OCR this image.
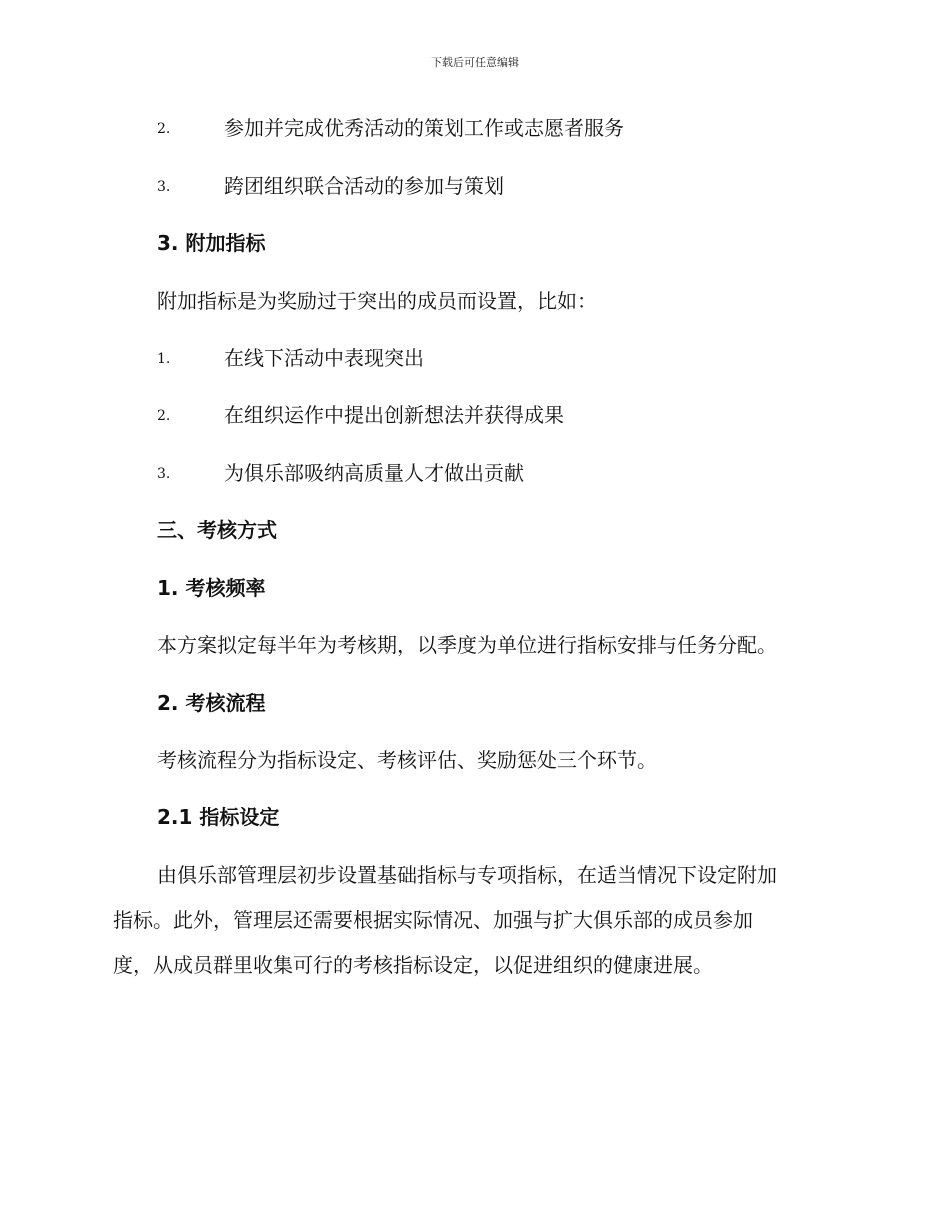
下载后可任意编辑
2.	参加并完成优秀活动的策划工作或志愿者服务
3.	跨团组织联合活动的参加与策划
3. 附加指标
附加指标是为奖励过于突出的成员而设置，比如：
1.	在线下活动中表现突出
2.	在组织运作中提出创新想法并获得成果
3.	为俱乐部吸纳高质量人才做出贡献
三、考核方式
1. 考核频率
本方案拟定每半年为考核期，以季度为单位进行指标安排与任务分配。
2. 考核流程
考核流程分为指标设定、考核评估、奖励惩处三个环节。
2.1 指标设定
由俱乐部管理层初步设置基础指标与专项指标，在适当情况下设定附加
指标。此外，管理层还需要根据实际情况、加强与扩大俱乐部的成员参加
度，从成员群里收集可行的考核指标设定，以促进组织的健康进展。
